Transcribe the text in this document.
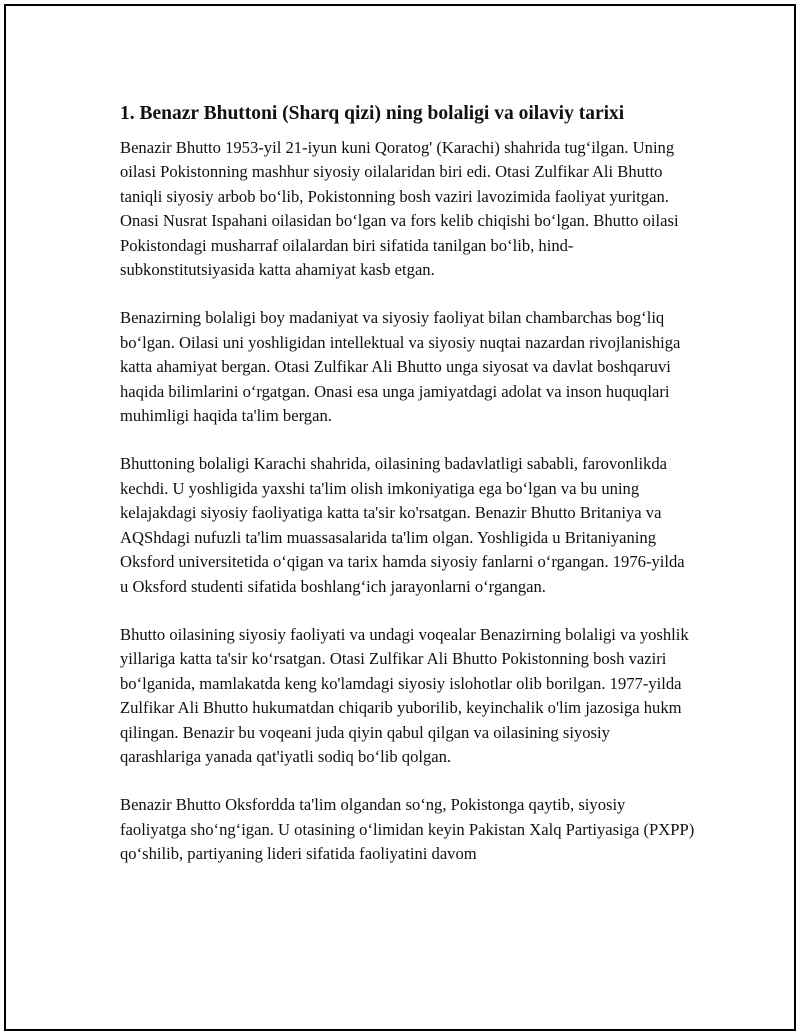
1. Benazr Bhuttoni (Sharq qizi) ning bolaligi va oilaviy tarixi

Benazir Bhutto 1953-yil 21-iyun kuni Qoratog' (Karachi) shahrida tug‘ilgan. Uning oilasi Pokistonning mashhur siyosiy oilalaridan biri edi. Otasi Zulfikar Ali Bhutto taniqli siyosiy arbob bo‘lib, Pokistonning bosh vaziri lavozimida faoliyat yuritgan. Onasi Nusrat Ispahani oilasidan bo‘lgan va fors kelib chiqishi bo‘lgan. Bhutto oilasi Pokistondagi musharraf oilalardan biri sifatida tanilgan bo‘lib, hind-subkonstitutsiyasida katta ahamiyat kasb etgan.

Benazirning bolaligi boy madaniyat va siyosiy faoliyat bilan chambarchas bog‘liq bo‘lgan. Oilasi uni yoshligidan intellektual va siyosiy nuqtai nazardan rivojlanishiga katta ahamiyat bergan. Otasi Zulfikar Ali Bhutto unga siyosat va davlat boshqaruvi haqida bilimlarini o‘rgatgan. Onasi esa unga jamiyatdagi adolat va inson huquqlari muhimligi haqida ta'lim bergan.

Bhuttoning bolaligi Karachi shahrida, oilasining badavlatligi sababli, farovonlikda kechdi. U yoshligida yaxshi ta'lim olish imkoniyatiga ega bo‘lgan va bu uning kelajakdagi siyosiy faoliyatiga katta ta'sir ko'rsatgan. Benazir Bhutto Britaniya va AQShdagi nufuzli ta'lim muassasalarida ta'lim olgan. Yoshligida u Britaniyaning Oksford universitetida o‘qigan va tarix hamda siyosiy fanlarni o‘rgangan. 1976-yilda u Oksford studenti sifatida boshlang‘ich jarayonlarni o‘rgangan.

Bhutto oilasining siyosiy faoliyati va undagi voqealar Benazirning bolaligi va yoshlik yillariga katta ta'sir ko‘rsatgan. Otasi Zulfikar Ali Bhutto Pokistonning bosh vaziri bo‘lganida, mamlakatda keng ko'lamdagi siyosiy islohotlar olib borilgan. 1977-yilda Zulfikar Ali Bhutto hukumatdan chiqarib yuborilib, keyinchalik o'lim jazosiga hukm qilingan. Benazir bu voqeani juda qiyin qabul qilgan va oilasining siyosiy qarashlariga yanada qat'iyatli sodiq bo‘lib qolgan.

Benazir Bhutto Oksfordda ta'lim olgandan so‘ng, Pokistonga qaytib, siyosiy faoliyatga sho‘ng‘igan. U otasining o‘limidan keyin Pakistan Xalq Partiyasiga (PXPP) qo‘shilib, partiyaning lideri sifatida faoliyatini davom
